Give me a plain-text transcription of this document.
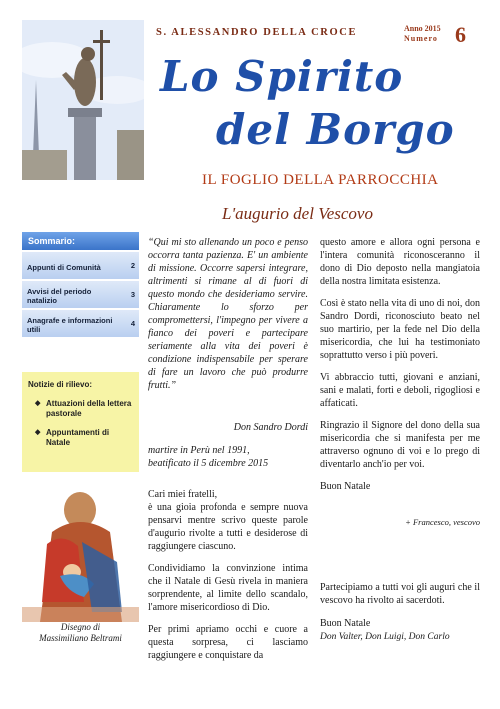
S. ALESSANDRO DELLA CROCE	Anno 2015
Numero 6
Lo Spirito
del Borgo
IL FOGLIO DELLA PARROCCHIA
L'augurio del Vescovo
Sommario:
Appunti di Comunità	2
Avvisi del periodo natalizio
3
Anagrafe e informazioni utili
4
Notizie di rilievo:
◆ Attuazioni della lettera pastorale
◆ Appuntamenti di Natale
Disegno di
Massimiliano Beltrami
“Qui mi sto allenando un poco e penso occorra tanta pazienza. E' un ambiente di missione. Occorre sapersi integrare, altrimenti si rimane al di fuori di questo mondo che desideriamo servire. Chiaramente lo sforzo per compromettersi, l'impegno per vivere a fianco dei poveri e partecipare seriamente alla vita dei poveri è condizione indispensabile per sperare di fare un lavoro che può produrre frutti.”
Don Sandro Dordi
martire in Perù nel 1991,
beatificato il 5 dicembre 2015

Cari miei fratelli,

è una gioia profonda e sempre nuova pensarvi mentre scrivo queste parole d'augurio rivolte a tutti e desiderose di raggiungere ciascuno.

Condividiamo la convinzione intima che il Natale di Gesù rivela in maniera sorprendente, al limite dello scandalo, l'amore misericordioso di Dio.

Per primi apriamo occhi e cuore a questa sorpresa, ci lasciamo raggiungere e conquistare da

questo amore e allora ogni persona e l'intera comunità riconosceranno il dono di Dio deposto nella mangiatoia della nostra limitata esistenza.

Così è stato nella vita di uno di noi, don Sandro Dordi, riconosciuto beato nel suo martirio, per la fede nel Dio della misericordia, che lui ha testimoniato soprattutto verso i più poveri.

Vi abbraccio tutti, giovani e anziani, sani e malati, forti e deboli, rigogliosi e affaticati.

Ringrazio il Signore del dono della sua misericordia che si manifesta per me attraverso ognuno di voi e lo prego di diventarlo anch'io per voi.

Buon Natale

+ Francesco, vescovo

Partecipiamo a tutti voi gli auguri che il vescovo ha rivolto ai sacerdoti.

Buon Natale

Don Valter, Don Luigi, Don Carlo
